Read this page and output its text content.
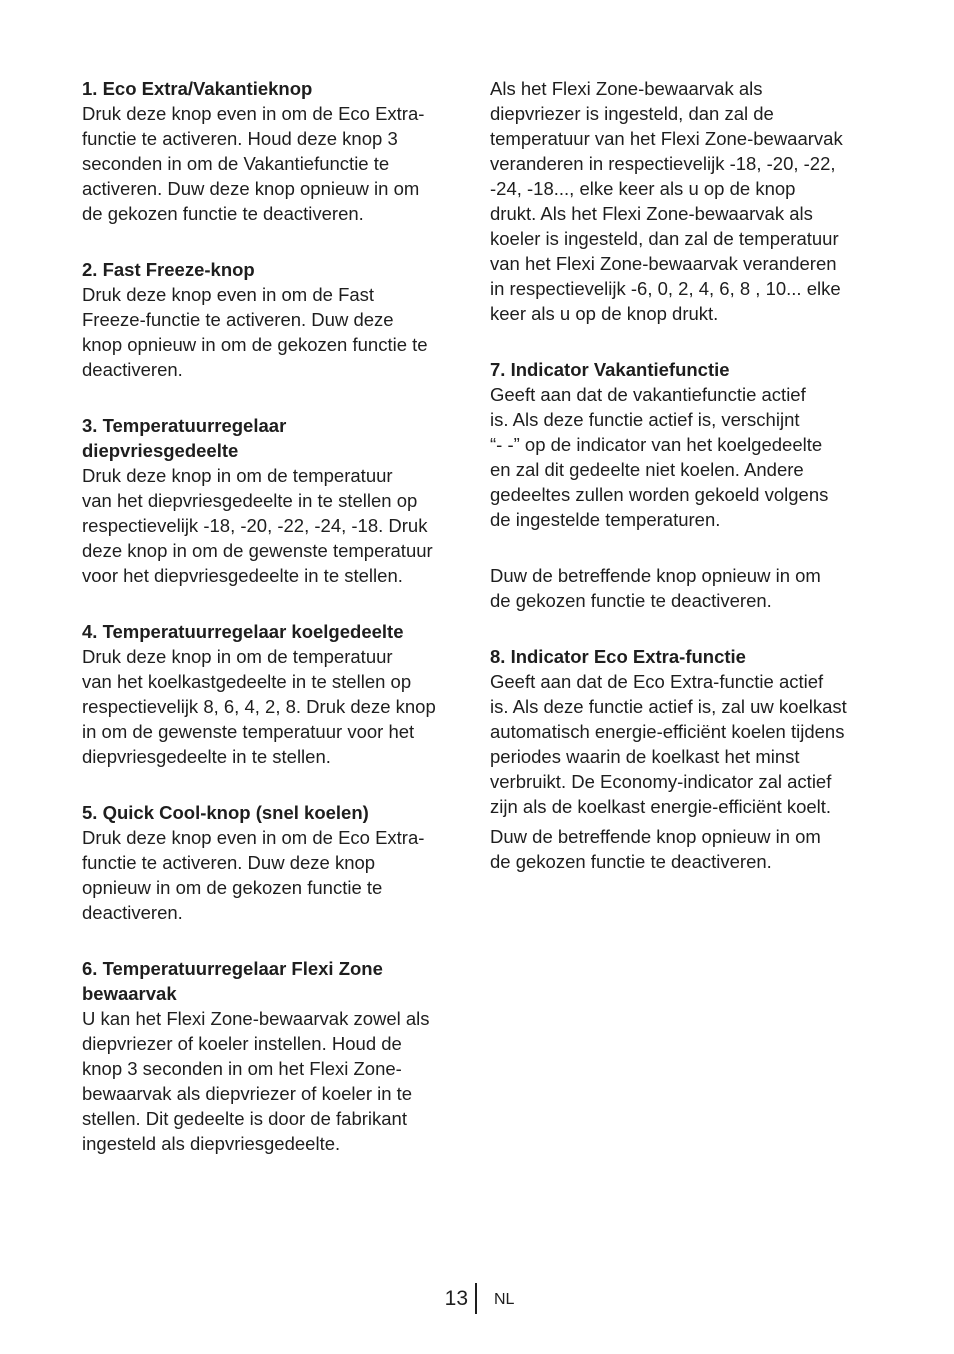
1. Eco Extra/Vakantieknop

Druk deze knop even in om de Eco Extra-
functie te activeren. Houd deze knop 3
seconden in om de Vakantiefunctie te
activeren. Duw deze knop opnieuw in om
de gekozen functie te deactiveren.

2. Fast Freeze-knop

Druk deze knop even in om de Fast
Freeze-functie te activeren. Duw deze
knop opnieuw in om de gekozen functie te
deactiveren.

3. Temperatuurregelaar
diepvriesgedeelte

Druk deze knop in om de temperatuur
van het diepvriesgedeelte in te stellen op
respectievelijk -18, -20, -22, -24, -18. Druk
deze knop in om de gewenste temperatuur
voor het diepvriesgedeelte in te stellen.

4. Temperatuurregelaar koelgedeelte

Druk deze knop in om de temperatuur
van het koelkastgedeelte in te stellen op
respectievelijk 8, 6, 4, 2, 8. Druk deze knop
in om de gewenste temperatuur voor het
diepvriesgedeelte in te stellen.

5. Quick Cool-knop (snel koelen)

Druk deze knop even in om de Eco Extra-
functie te activeren. Duw deze knop
opnieuw in om de gekozen functie te
deactiveren.

6. Temperatuurregelaar Flexi Zone
bewaarvak

U kan het Flexi Zone-bewaarvak zowel als
diepvriezer of koeler instellen. Houd de
knop 3 seconden in om het Flexi Zone-
bewaarvak als diepvriezer of koeler in te
stellen. Dit gedeelte is door de fabrikant
ingesteld als diepvriesgedeelte.

Als het Flexi Zone-bewaarvak als
diepvriezer is ingesteld, dan zal de
temperatuur van het Flexi Zone-bewaarvak
veranderen in respectievelijk -18, -20, -22,
-24, -18..., elke keer als u op de knop
drukt. Als het Flexi Zone-bewaarvak als
koeler is ingesteld, dan zal de temperatuur
van het Flexi Zone-bewaarvak veranderen
in respectievelijk -6, 0, 2, 4, 6, 8 , 10... elke
keer als u op de knop drukt.

7. Indicator Vakantiefunctie

Geeft aan dat de vakantiefunctie actief
is. Als deze functie actief is, verschijnt
“- -” op de indicator van het koelgedeelte
en zal dit gedeelte niet koelen. Andere
gedeeltes zullen worden gekoeld volgens
de ingestelde temperaturen.

Duw de betreffende knop opnieuw in om
de gekozen functie te deactiveren.

8. Indicator Eco Extra-functie

Geeft aan dat de Eco Extra-functie actief
is. Als deze functie actief is, zal uw koelkast
automatisch energie-efficiënt koelen tijdens
periodes waarin de koelkast het minst
verbruikt. De Economy-indicator zal actief
zijn als de koelkast energie-efficiënt koelt.

Duw de betreffende knop opnieuw in om
de gekozen functie te deactiveren.

13 NL
